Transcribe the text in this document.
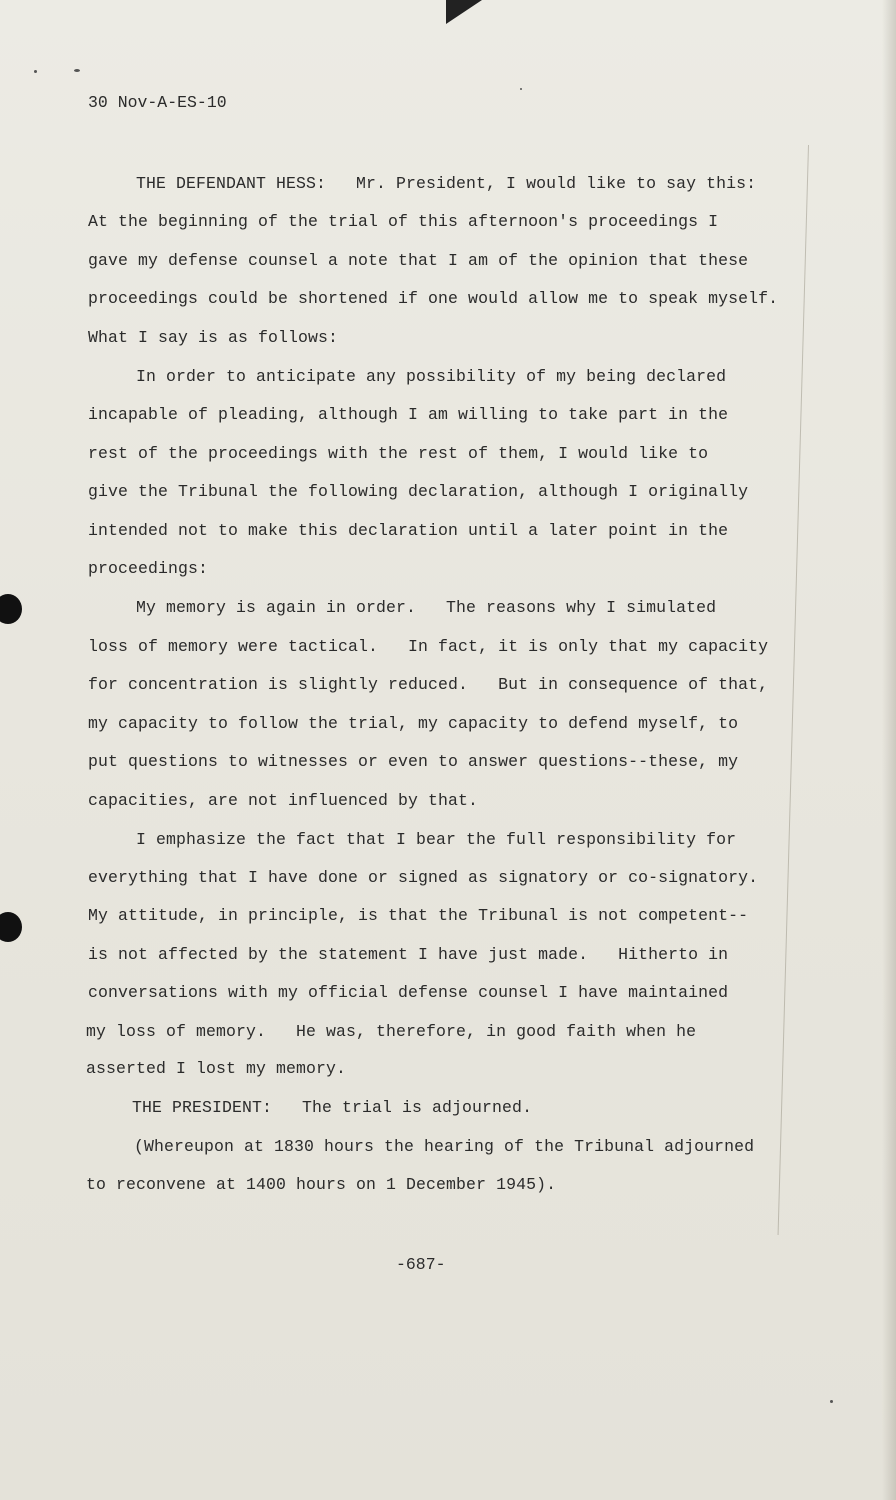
30 Nov-A-ES-10
THE DEFENDANT HESS:   Mr. President, I would like to say this:
At the beginning of the trial of this afternoon's proceedings I
gave my defense counsel a note that I am of the opinion that these
proceedings could be shortened if one would allow me to speak myself.
What I say is as follows:
In order to anticipate any possibility of my being declared
incapable of pleading, although I am willing to take part in the
rest of the proceedings with the rest of them, I would like to
give the Tribunal the following declaration, although I originally
intended not to make this declaration until a later point in the
proceedings:
My memory is again in order.   The reasons why I simulated
loss of memory were tactical.   In fact, it is only that my capacity
for concentration is slightly reduced.   But in consequence of that,
my capacity to follow the trial, my capacity to defend myself, to
put questions to witnesses or even to answer questions--these, my
capacities, are not influenced by that.
I emphasize the fact that I bear the full responsibility for
everything that I have done or signed as signatory or co-signatory.
My attitude, in principle, is that the Tribunal is not competent--
is not affected by the statement I have just made.   Hitherto in
conversations with my official defense counsel I have maintained
my loss of memory.   He was, therefore, in good faith when he
asserted I lost my memory.
THE PRESIDENT:   The trial is adjourned.
(Whereupon at 1830 hours the hearing of the Tribunal adjourned
to reconvene at 1400 hours on 1 December 1945).
-687-
